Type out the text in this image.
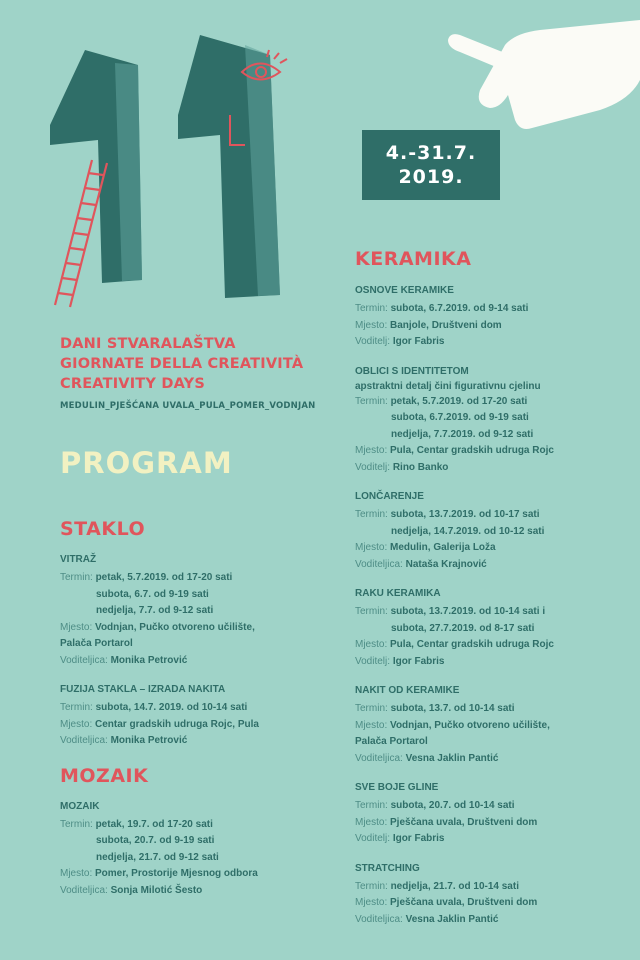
4.-31.7.
2019.
DANI STVARALAŠTVA
GIORNATE DELLA CREATIVITÀ
CREATIVITY DAYS
MEDULIN_PJEŠĆANA UVALA_PULA_POMER_VODNJAN
PROGRAM
STAKLO
VITRAŽ
Termin: petak, 5.7.2019. od 17-20 sati
subota, 6.7. od 9-19 sati
nedjelja, 7.7. od 9-12 sati
Mjesto: Vodnjan, Pučko otvoreno učilište,
Palača Portarol
Voditeljica: Monika Petrović
FUZIJA STAKLA – IZRADA NAKITA
Termin: subota, 14.7. 2019. od 10-14 sati
Mjesto: Centar gradskih udruga Rojc, Pula
Voditeljica: Monika Petrović
MOZAIK
MOZAIK
Termin: petak, 19.7. od 17-20 sati
subota, 20.7. od 9-19 sati
nedjelja, 21.7. od 9-12 sati
Mjesto: Pomer, Prostorije Mjesnog odbora
Voditeljica: Sonja Milotić Šesto
KERAMIKA
OSNOVE KERAMIKE
Termin: subota, 6.7.2019. od 9-14 sati
Mjesto: Banjole, Društveni dom
Voditelj: Igor Fabris
OBLICI S IDENTITETOM
apstraktni detalj čini figurativnu cjelinu
Termin: petak, 5.7.2019. od 17-20 sati
subota, 6.7.2019. od 9-19 sati
nedjelja, 7.7.2019. od 9-12 sati
Mjesto: Pula, Centar gradskih udruga Rojc
Voditelj: Rino Banko
LONČARENJE
Termin: subota, 13.7.2019. od 10-17 sati
nedjelja, 14.7.2019. od 10-12 sati
Mjesto: Medulin, Galerija Loža
Voditeljica: Nataša Krajnović
RAKU KERAMIKA
Termin: subota, 13.7.2019. od 10-14 sati i
subota, 27.7.2019. od 8-17 sati
Mjesto: Pula, Centar gradskih udruga Rojc
Voditelj: Igor Fabris
NAKIT OD KERAMIKE
Termin: subota, 13.7. od 10-14 sati
Mjesto: Vodnjan, Pučko otvoreno učilište,
Palača Portarol
Voditeljica: Vesna Jaklin Pantić
SVE BOJE GLINE
Termin: subota, 20.7. od 10-14 sati
Mjesto: Pješčana uvala, Društveni dom
Voditelj: Igor Fabris
STRATCHING
Termin: nedjelja, 21.7. od 10-14 sati
Mjesto: Pješčana uvala, Društveni dom
Voditeljica: Vesna Jaklin Pantić
